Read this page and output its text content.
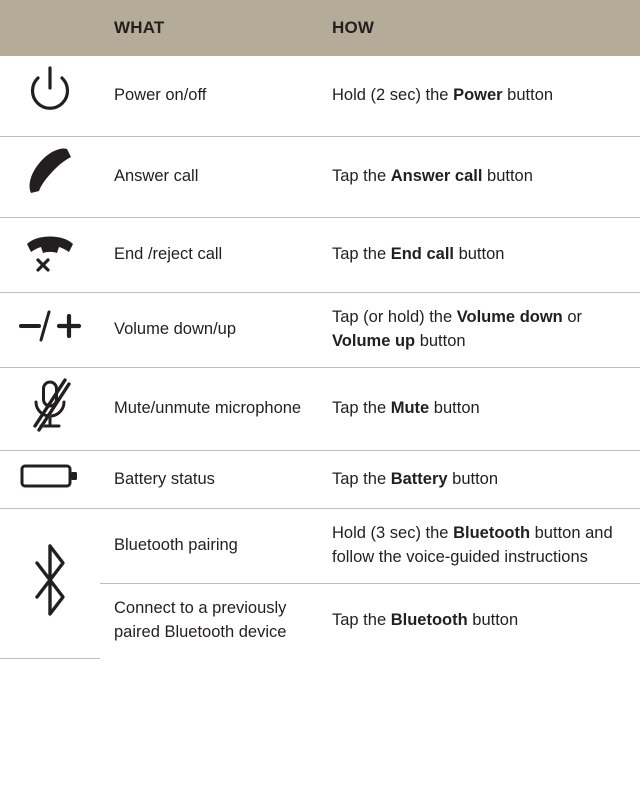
	WHAT	HOW

	Power on/off	Hold (2 sec) the Power button

	Answer call	Tap the Answer call button

	End /reject call	Tap the End call button

	Volume down/up	Tap (or hold) the Volume down or Volume up button

	Mute/unmute microphone	Tap the Mute button

	Battery status	Tap the Battery button

	Bluetooth pairing	Hold (3 sec) the Bluetooth button and follow the voice-guided instructions
	Connect to a previously paired Bluetooth device	Tap the Bluetooth button
